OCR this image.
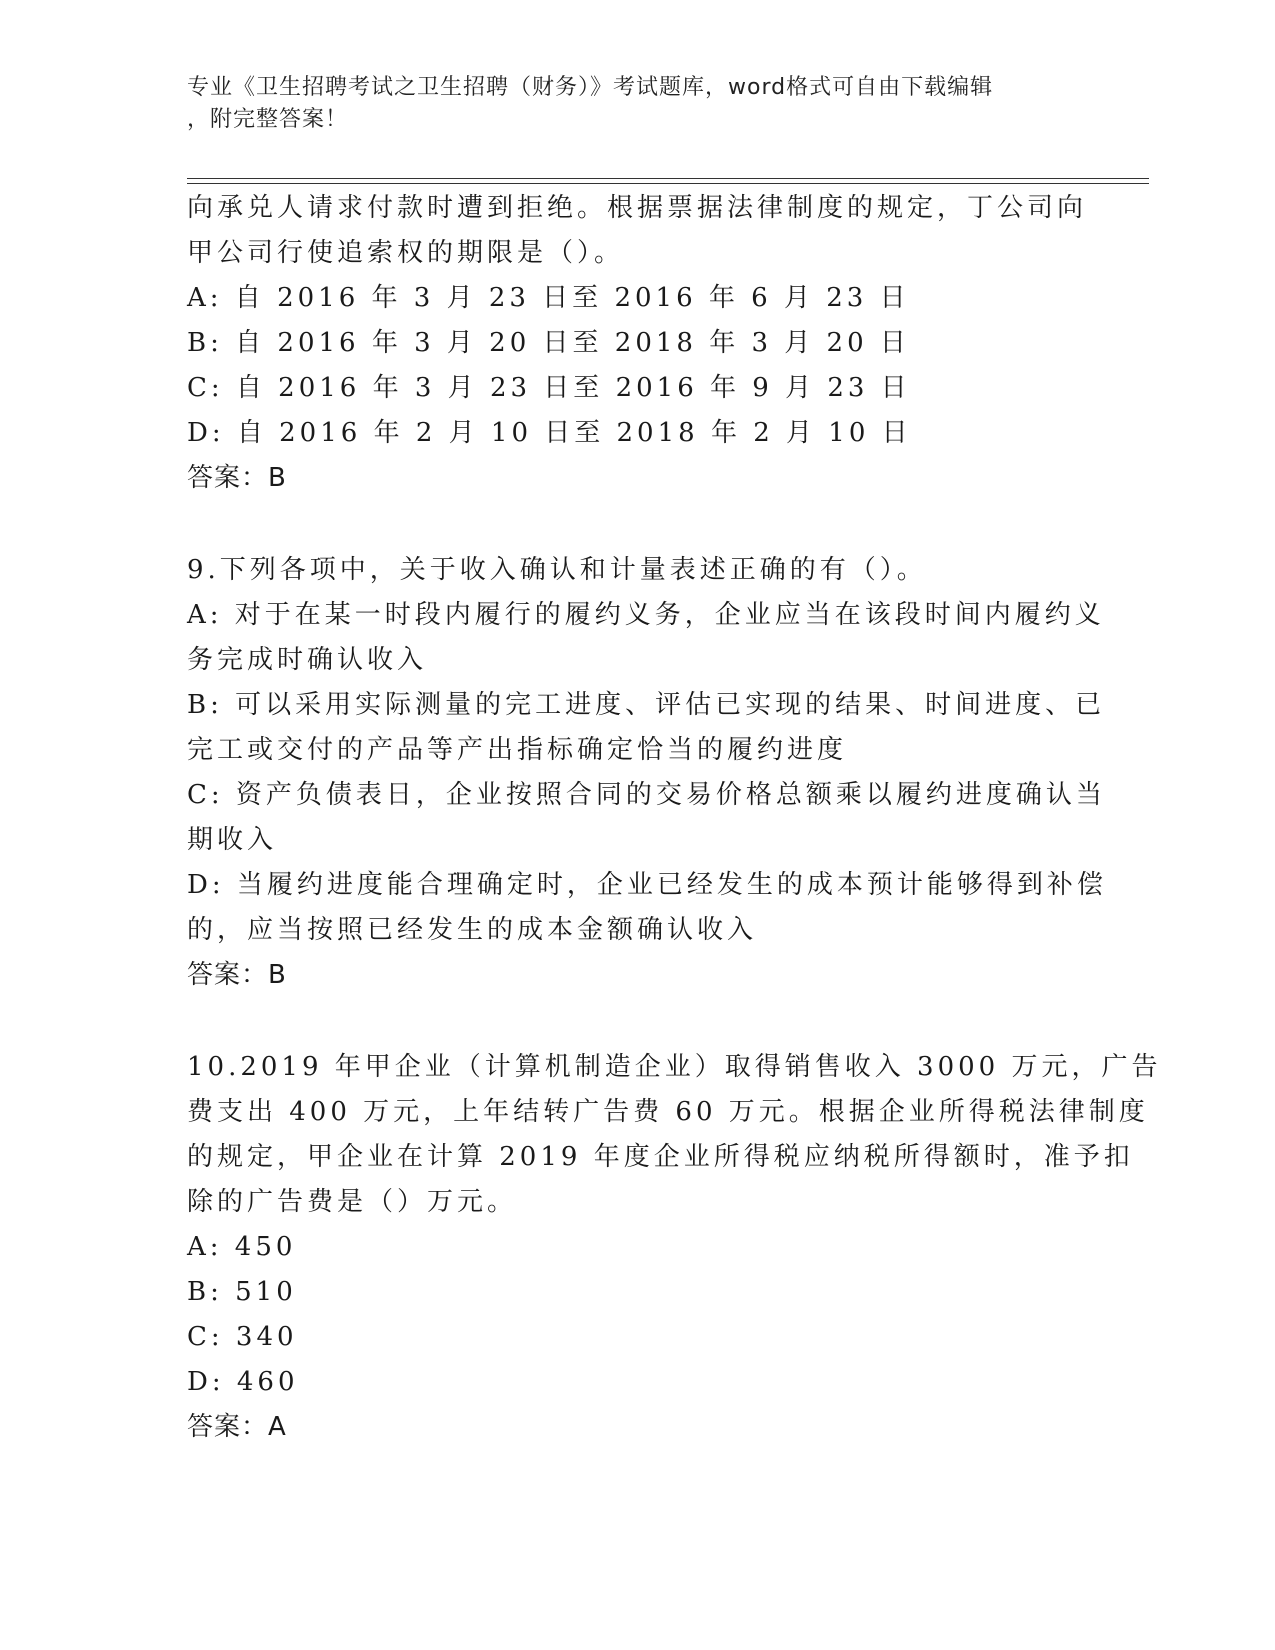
专业《卫生招聘考试之卫生招聘（财务）》考试题库，word格式可自由下载编辑
，附完整答案！
向承兑人请求付款时遭到拒绝。根据票据法律制度的规定，丁公司向
甲公司行使追索权的期限是（）。
A: 自 2016 年 3 月 23 日至 2016 年 6 月 23 日
B: 自 2016 年 3 月 20 日至 2018 年 3 月 20 日
C: 自 2016 年 3 月 23 日至 2016 年 9 月 23 日
D: 自 2016 年 2 月 10 日至 2018 年 2 月 10 日
答案：B
9.下列各项中，关于收入确认和计量表述正确的有（）。
A: 对于在某一时段内履行的履约义务，企业应当在该段时间内履约义
务完成时确认收入
B: 可以采用实际测量的完工进度、评估已实现的结果、时间进度、已
完工或交付的产品等产出指标确定恰当的履约进度
C: 资产负债表日，企业按照合同的交易价格总额乘以履约进度确认当
期收入
D: 当履约进度能合理确定时，企业已经发生的成本预计能够得到补偿
的，应当按照已经发生的成本金额确认收入
答案：B
10.2019 年甲企业（计算机制造企业）取得销售收入 3000 万元，广告
费支出 400 万元，上年结转广告费 60 万元。根据企业所得税法律制度
的规定，甲企业在计算 2019 年度企业所得税应纳税所得额时，准予扣
除的广告费是（）万元。
A: 450
B: 510
C: 340
D: 460
答案：A
